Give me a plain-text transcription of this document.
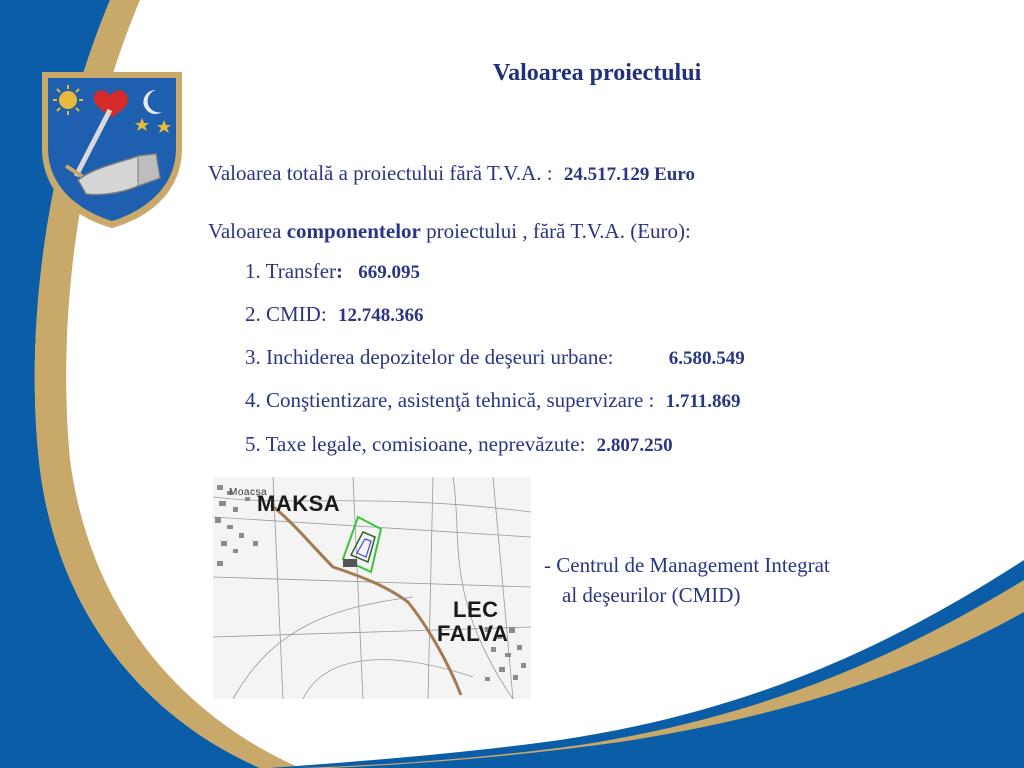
Valoarea proiectului
Valoarea totală a proiectului fără T.V.A. : 24.517.129 Euro
Valoarea componentelor proiectului , fără T.V.A. (Euro):
1. Transfer: 669.095
2. CMID: 12.748.366
3. Inchiderea depozitelor de deşeuri urbane:	6.580.549
4. Conştientizare, asistenţă tehnică, supervizare : 1.711.869
5. Taxe legale, comisioane, neprevăzute: 2.807.250
Moacşa
MAKSA
LEC
FALVA
- Centrul de Management Integrat
al deşeurilor (CMID)
